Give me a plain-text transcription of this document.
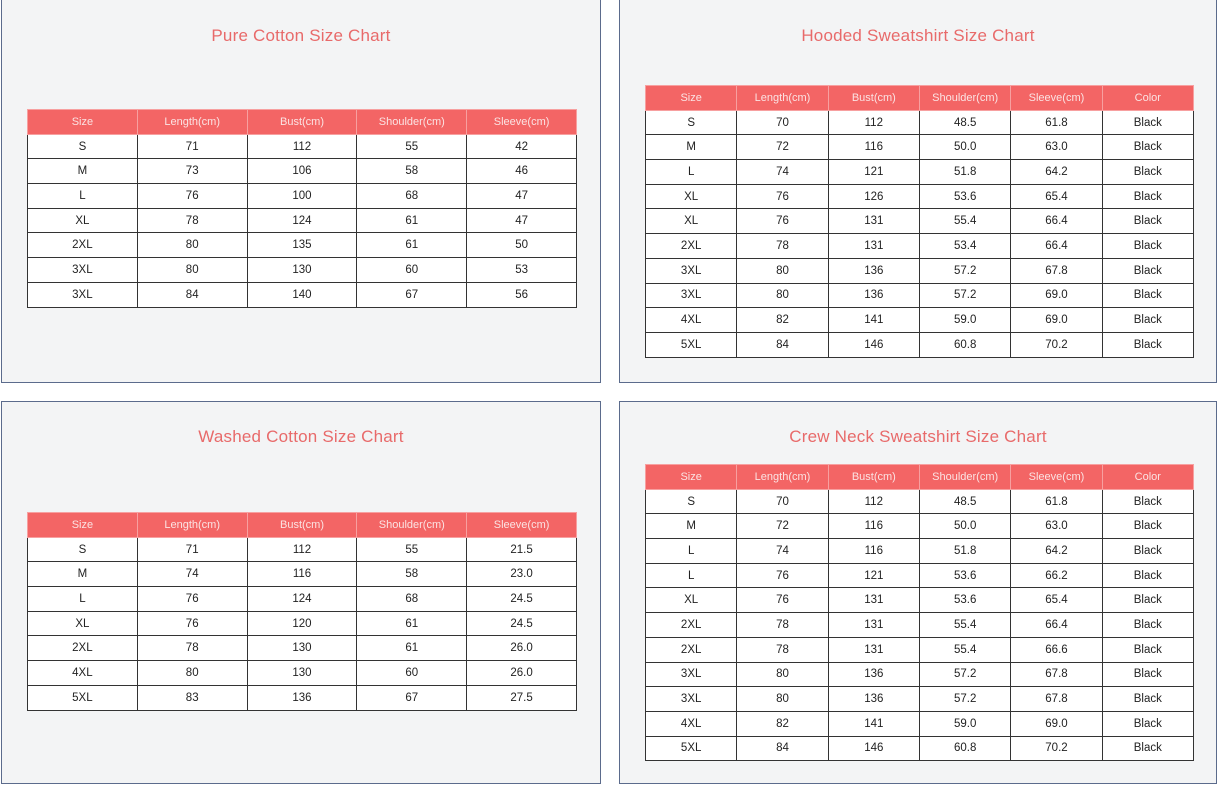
Pure Cotton Size Chart
Size	Length(cm)	Bust(cm)	Shoulder(cm)	Sleeve(cm)
S	71	112	55	42
M	73	106	58	46
L	76	100	68	47
XL	78	124	61	47
2XL	80	135	61	50
3XL	80	130	60	53
3XL	84	140	67	56
Hooded Sweatshirt Size Chart
Size	Length(cm)	Bust(cm)	Shoulder(cm)	Sleeve(cm)	Color
S	70	112	48.5	61.8	Black
M	72	116	50.0	63.0	Black
L	74	121	51.8	64.2	Black
XL	76	126	53.6	65.4	Black
XL	76	131	55.4	66.4	Black
2XL	78	131	53.4	66.4	Black
3XL	80	136	57.2	67.8	Black
3XL	80	136	57.2	69.0	Black
4XL	82	141	59.0	69.0	Black
5XL	84	146	60.8	70.2	Black
Washed Cotton Size Chart
Size	Length(cm)	Bust(cm)	Shoulder(cm)	Sleeve(cm)
S	71	112	55	21.5
M	74	116	58	23.0
L	76	124	68	24.5
XL	76	120	61	24.5
2XL	78	130	61	26.0
4XL	80	130	60	26.0
5XL	83	136	67	27.5
Crew Neck Sweatshirt Size Chart
Size	Length(cm)	Bust(cm)	Shoulder(cm)	Sleeve(cm)	Color
S	70	112	48.5	61.8	Black
M	72	116	50.0	63.0	Black
L	74	116	51.8	64.2	Black
L	76	121	53.6	66.2	Black
XL	76	131	53.6	65.4	Black
2XL	78	131	55.4	66.4	Black
2XL	78	131	55.4	66.6	Black
3XL	80	136	57.2	67.8	Black
3XL	80	136	57.2	67.8	Black
4XL	82	141	59.0	69.0	Black
5XL	84	146	60.8	70.2	Black
